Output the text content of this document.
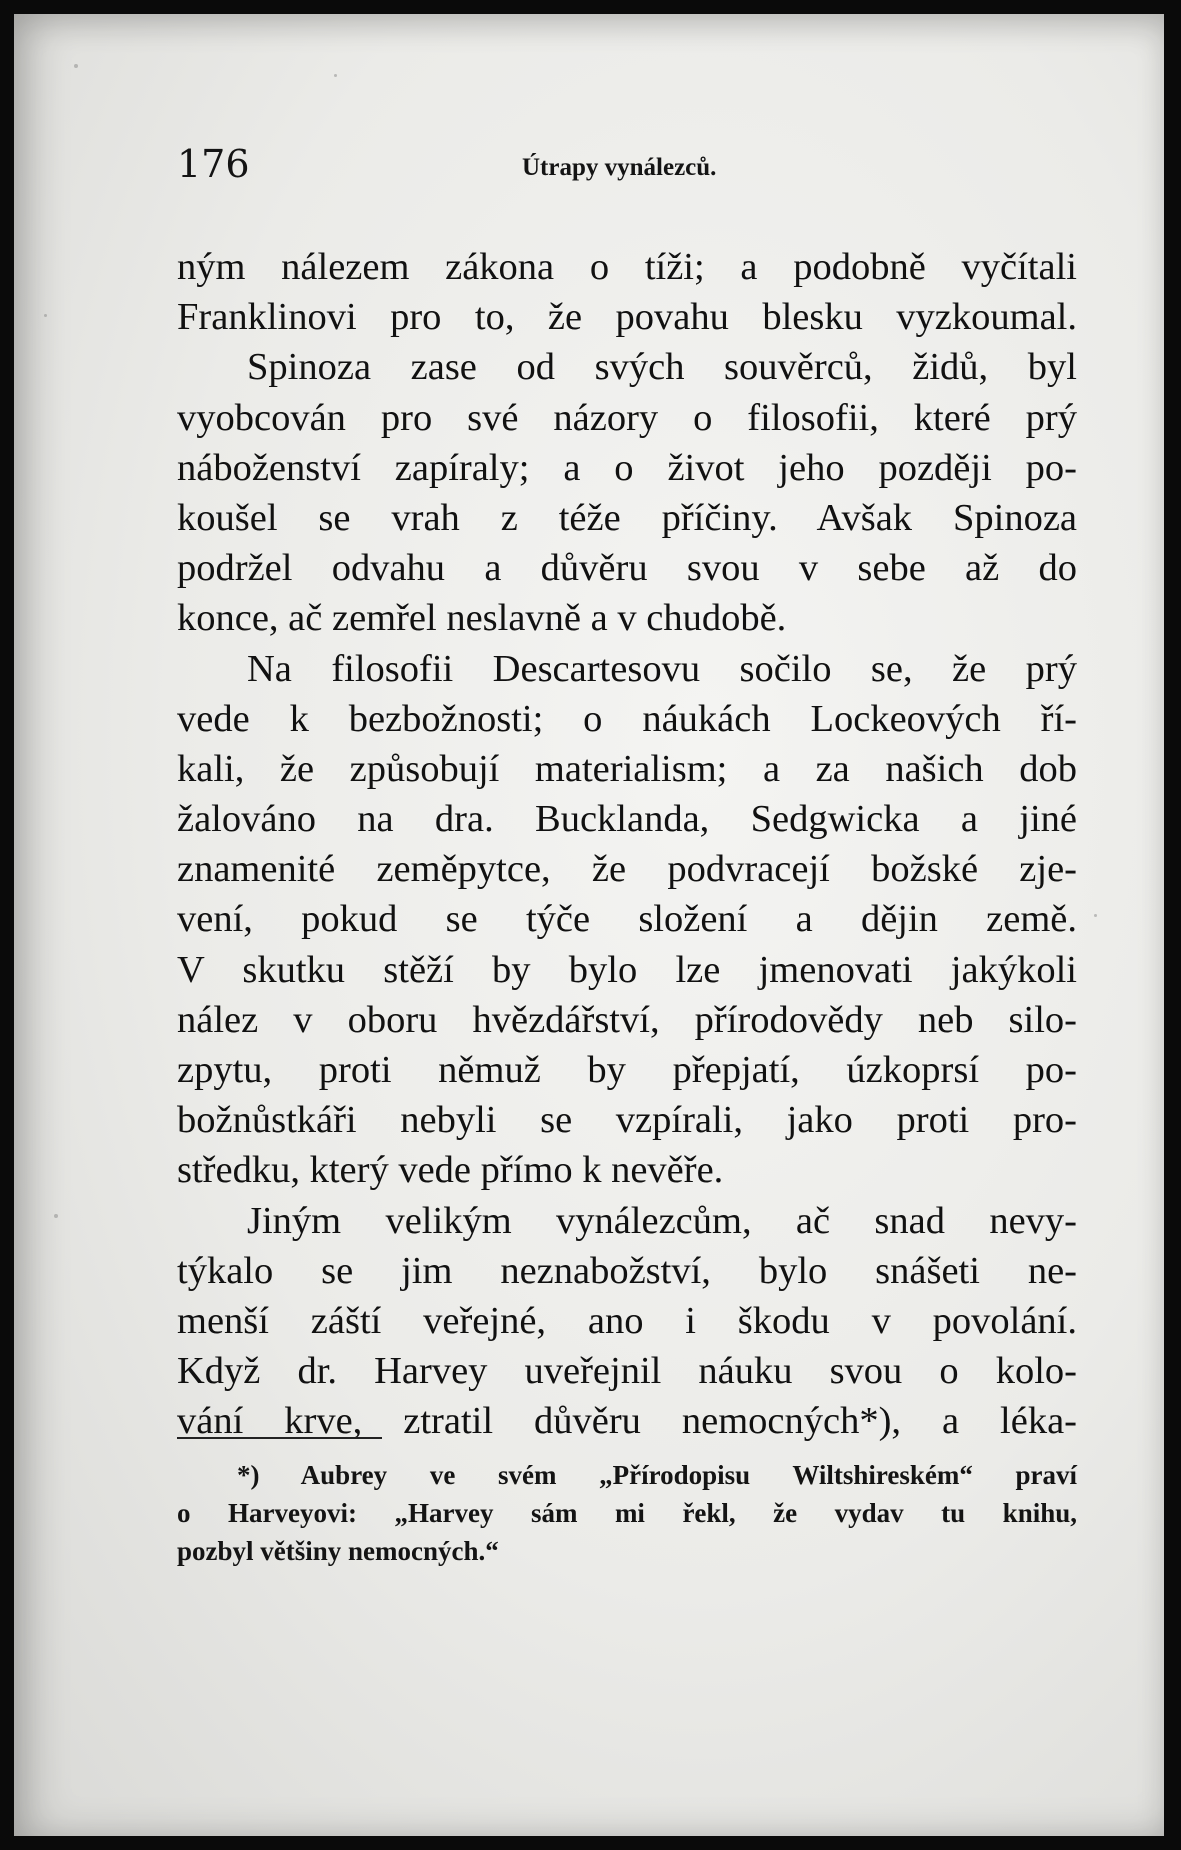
176	Útrapy vynálezců.
ným nálezem zákona o tíži; a podobně vyčítali
Franklinovi pro to, že povahu blesku vyzkoumal.
Spinoza zase od svých souvěrců, židů, byl
vyobcován pro své názory o filosofii, které prý
náboženství zapíraly; a o život jeho později po-
koušel se vrah z téže příčiny. Avšak Spinoza
podržel odvahu a důvěru svou v sebe až do
konce, ač zemřel neslavně a v chudobě.
Na filosofii Descartesovu sočilo se, že prý
vede k bezbožnosti; o náukách Lockeových ří-
kali, že způsobují materialism; a za našich dob
žalováno na dra. Bucklanda, Sedgwicka a jiné
znamenité zeměpytce, že podvracejí božské zje-
vení, pokud se týče složení a dějin země.
V skutku stěží by bylo lze jmenovati jakýkoli
nález v oboru hvězdářství, přírodovědy neb silo-
zpytu, proti němuž by přepjatí, úzkoprsí po-
božnůstkáři nebyli se vzpírali, jako proti pro-
středku, který vede přímo k nevěře.
Jiným velikým vynálezcům, ač snad nevy-
týkalo se jim neznabožství, bylo snášeti ne-
menší záští veřejné, ano i škodu v povolání.
Když dr. Harvey uveřejnil náuku svou o kolo-
vání krve, ztratil důvěru nemocných*), a léka-
*) Aubrey ve svém „Přírodopisu Wiltshireském“ praví
o Harveyovi: „Harvey sám mi řekl, že vydav tu knihu,
pozbyl většiny nemocných.“
